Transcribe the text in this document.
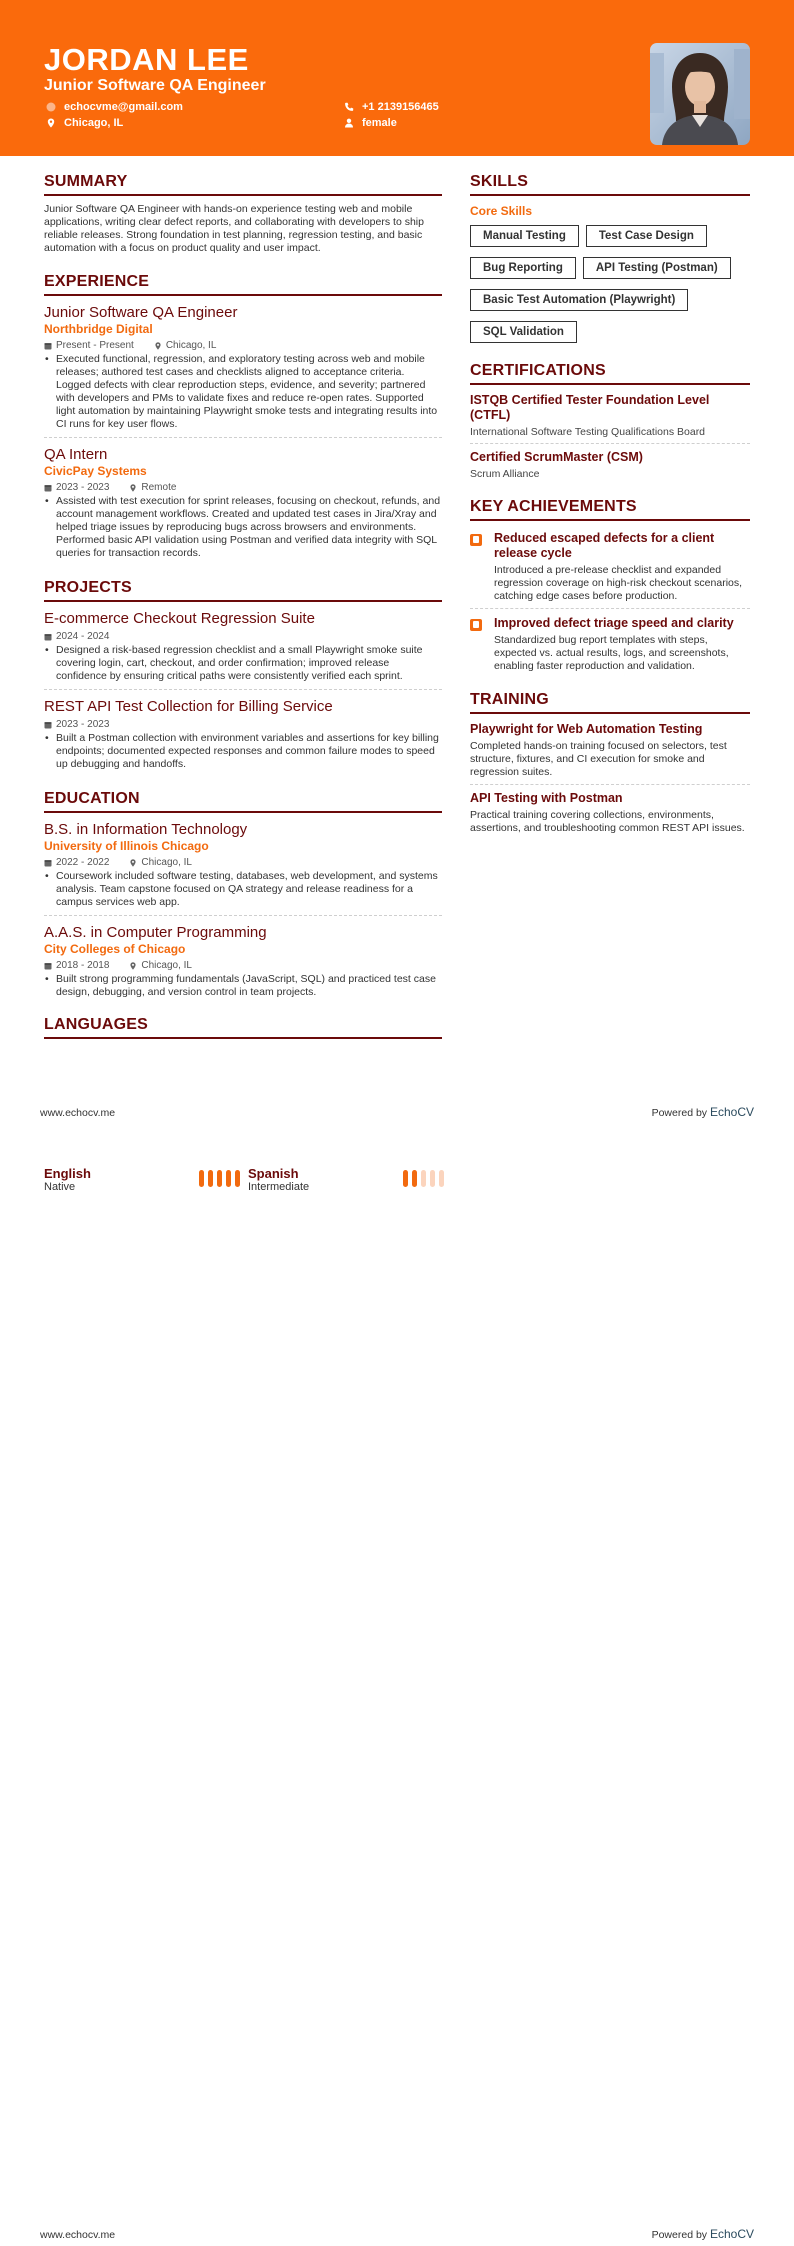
JORDAN LEE
Junior Software QA Engineer
echocvme@gmail.com
Chicago, IL
+1 2139156465
female
SUMMARY
Junior Software QA Engineer with hands-on experience testing web and mobile applications, writing clear defect reports, and collaborating with developers to ship reliable releases. Strong foundation in test planning, regression testing, and basic automation with a focus on product quality and user impact.
EXPERIENCE
Junior Software QA Engineer
Northbridge Digital
Present - Present	Chicago, IL
• Executed functional, regression, and exploratory testing across web and mobile releases; authored test cases and checklists aligned to acceptance criteria. Logged defects with clear reproduction steps, evidence, and severity; partnered with developers and PMs to validate fixes and reduce re-open rates. Supported light automation by maintaining Playwright smoke tests and integrating results into CI runs for key user flows.
QA Intern
CivicPay Systems
2023 - 2023	Remote
• Assisted with test execution for sprint releases, focusing on checkout, refunds, and account management workflows. Created and updated test cases in Jira/Xray and helped triage issues by reproducing bugs across browsers and environments. Performed basic API validation using Postman and verified data integrity with SQL queries for transaction records.
PROJECTS
E-commerce Checkout Regression Suite
2024 - 2024
• Designed a risk-based regression checklist and a small Playwright smoke suite covering login, cart, checkout, and order confirmation; improved release confidence by ensuring critical paths were consistently verified each sprint.
REST API Test Collection for Billing Service
2023 - 2023
• Built a Postman collection with environment variables and assertions for key billing endpoints; documented expected responses and common failure modes to speed up debugging and handoffs.
EDUCATION
B.S. in Information Technology
University of Illinois Chicago
2022 - 2022	Chicago, IL
• Coursework included software testing, databases, web development, and systems analysis. Team capstone focused on QA strategy and release readiness for a campus services web app.
A.A.S. in Computer Programming
City Colleges of Chicago
2018 - 2018	Chicago, IL
• Built strong programming fundamentals (JavaScript, SQL) and practiced test case design, debugging, and version control in team projects.
LANGUAGES
SKILLS
Core Skills
Manual Testing	Test Case Design
Bug Reporting	API Testing (Postman)
Basic Test Automation (Playwright)
SQL Validation
CERTIFICATIONS
ISTQB Certified Tester Foundation Level (CTFL)
International Software Testing Qualifications Board
Certified ScrumMaster (CSM)
Scrum Alliance
KEY ACHIEVEMENTS
Reduced escaped defects for a client release cycle
Introduced a pre-release checklist and expanded regression coverage on high-risk checkout scenarios, catching edge cases before production.
Improved defect triage speed and clarity
Standardized bug report templates with steps, expected vs. actual results, logs, and screenshots, enabling faster reproduction and validation.
TRAINING
Playwright for Web Automation Testing
Completed hands-on training focused on selectors, test structure, fixtures, and CI execution for smoke and regression suites.
API Testing with Postman
Practical training covering collections, environments, assertions, and troubleshooting common REST API issues.
www.echocv.me	Powered by EchoCV
English
Native
Spanish
Intermediate
www.echocv.me	Powered by EchoCV
